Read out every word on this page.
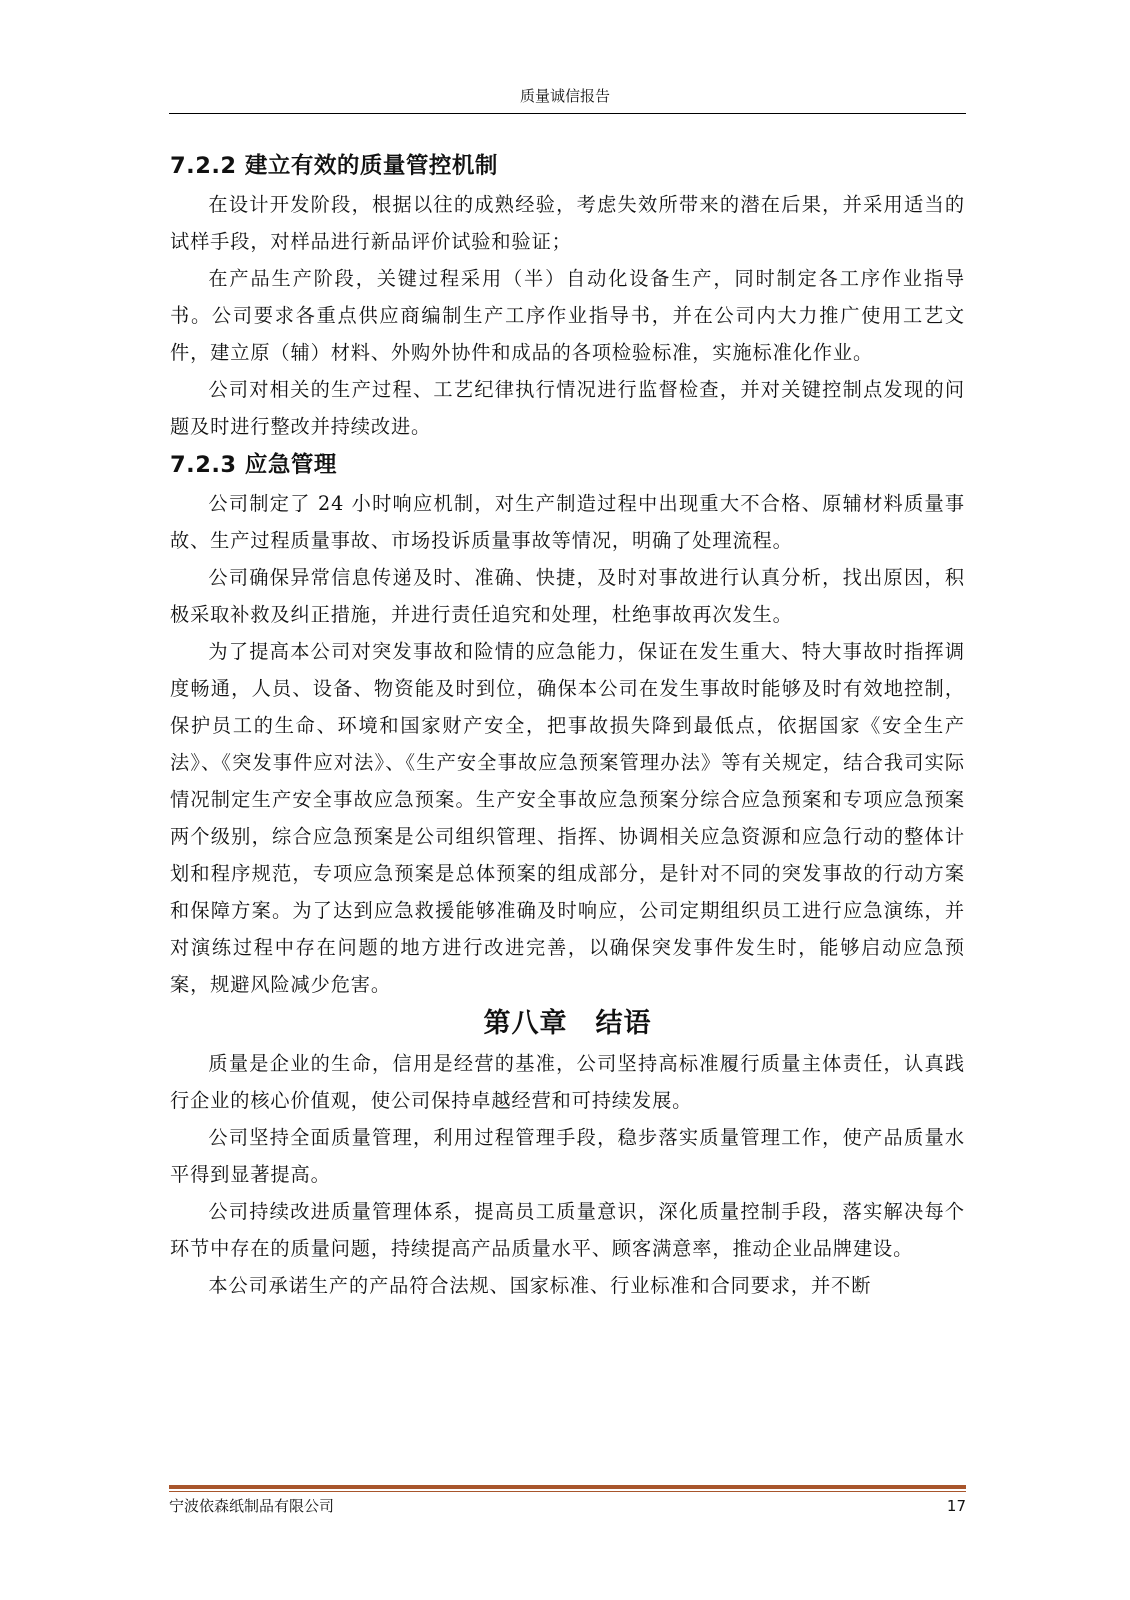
质量诚信报告
7.2.2 建立有效的质量管控机制

在设计开发阶段，根据以往的成熟经验，考虑失效所带来的潜在后果，并采用适当的试样手段，对样品进行新品评价试验和验证；

在产品生产阶段，关键过程采用（半）自动化设备生产，同时制定各工序作业指导书。公司要求各重点供应商编制生产工序作业指导书，并在公司内大力推广使用工艺文件，建立原（辅）材料、外购外协件和成品的各项检验标准，实施标准化作业。

公司对相关的生产过程、工艺纪律执行情况进行监督检查，并对关键控制点发现的问题及时进行整改并持续改进。

7.2.3 应急管理

公司制定了 24 小时响应机制，对生产制造过程中出现重大不合格、原辅材料质量事故、生产过程质量事故、市场投诉质量事故等情况，明确了处理流程。

公司确保异常信息传递及时、准确、快捷，及时对事故进行认真分析，找出原因，积极采取补救及纠正措施，并进行责任追究和处理，杜绝事故再次发生。

为了提高本公司对突发事故和险情的应急能力，保证在发生重大、特大事故时指挥调度畅通，人员、设备、物资能及时到位，确保本公司在发生事故时能够及时有效地控制，保护员工的生命、环境和国家财产安全，把事故损失降到最低点，依据国家《安全生产法》、《突发事件应对法》、《生产安全事故应急预案管理办法》等有关规定，结合我司实际情况制定生产安全事故应急预案。生产安全事故应急预案分综合应急预案和专项应急预案两个级别，综合应急预案是公司组织管理、指挥、协调相关应急资源和应急行动的整体计划和程序规范，专项应急预案是总体预案的组成部分，是针对不同的突发事故的行动方案和保障方案。为了达到应急救援能够准确及时响应，公司定期组织员工进行应急演练，并对演练过程中存在问题的地方进行改进完善，以确保突发事件发生时，能够启动应急预案，规避风险减少危害。

第八章　结语

质量是企业的生命，信用是经营的基准，公司坚持高标准履行质量主体责任，认真践行企业的核心价值观，使公司保持卓越经营和可持续发展。

公司坚持全面质量管理，利用过程管理手段，稳步落实质量管理工作，使产品质量水平得到显著提高。

公司持续改进质量管理体系，提高员工质量意识，深化质量控制手段，落实解决每个环节中存在的质量问题，持续提高产品质量水平、顾客满意率，推动企业品牌建设。

本公司承诺生产的产品符合法规、国家标准、行业标准和合同要求，并不断

宁波依森纸制品有限公司	17
